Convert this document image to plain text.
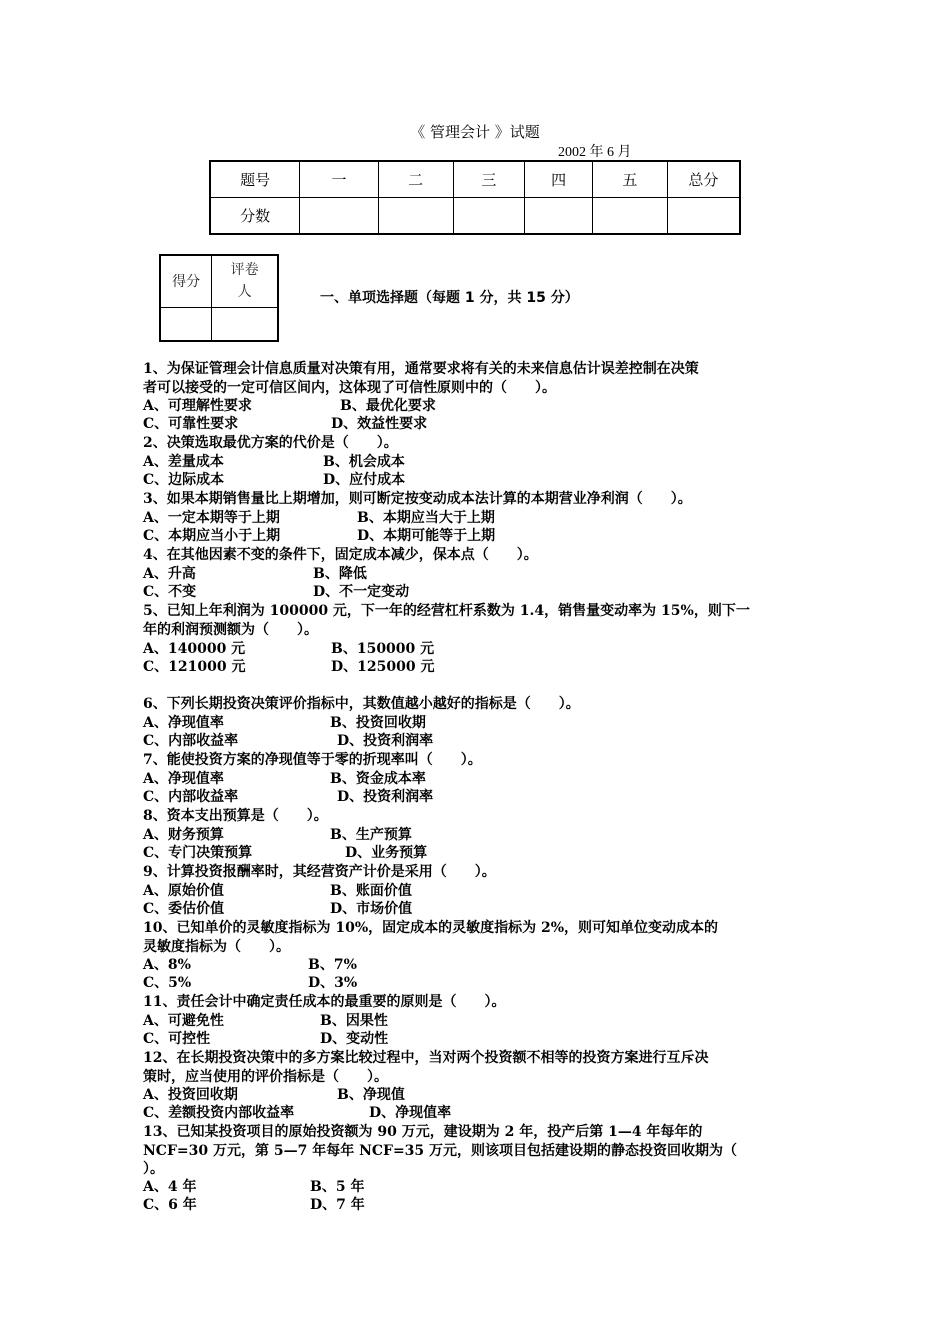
《 管理会计 》试题
2002 年 6 月
题号	一	二	三	四	五	总分
分数						
得分	评卷人
		一、单项选择题（每题 1 分，共 15 分）
1、为保证管理会计信息质量对决策有用，通常要求将有关的未来信息估计误差控制在决策
者可以接受的一定可信区间内，这体现了可信性原则中的（　　）。
A、可理解性要求	B、最优化要求
C、可靠性要求	D、效益性要求
2、决策选取最优方案的代价是（　　）。
A、差量成本	B、机会成本
C、边际成本	D、应付成本
3、如果本期销售量比上期增加，则可断定按变动成本法计算的本期营业净利润（　　）。
A、一定本期等于上期	B、本期应当大于上期
C、本期应当小于上期	D、本期可能等于上期
4、在其他因素不变的条件下，固定成本减少，保本点（　　）。
A、升高	B、降低
C、不变	D、不一定变动
5、已知上年利润为 100000 元，下一年的经营杠杆系数为 1.4，销售量变动率为 15%，则下一
年的利润预测额为（　　）。
A、140000 元	B、150000 元
C、121000 元	D、125000 元
6、下列长期投资决策评价指标中，其数值越小越好的指标是（　　）。
A、净现值率	B、投资回收期
C、内部收益率	D、投资利润率
7、能使投资方案的净现值等于零的折现率叫（　　）。
A、净现值率	B、资金成本率
C、内部收益率	D、投资利润率
8、资本支出预算是（　　）。
A、财务预算	B、生产预算
C、专门决策预算	D、业务预算
9、计算投资报酬率时，其经营资产计价是采用（　　）。
A、原始价值	B、账面价值
C、委估价值	D、市场价值
10、已知单价的灵敏度指标为 10%，固定成本的灵敏度指标为 2%，则可知单位变动成本的
灵敏度指标为（　　）。
A、8%	B、7%
C、5%	D、3%
11、责任会计中确定责任成本的最重要的原则是（　　）。
A、可避免性	B、因果性
C、可控性	D、变动性
12、在长期投资决策中的多方案比较过程中，当对两个投资额不相等的投资方案进行互斥决
策时，应当使用的评价指标是（　　）。
A、投资回收期	B、净现值
C、差额投资内部收益率	D、净现值率
13、已知某投资项目的原始投资额为 90 万元，建设期为 2 年，投产后第 1—4 年每年的
NCF=30 万元，第 5—7 年每年 NCF=35 万元，则该项目包括建设期的静态投资回收期为（
）。
A、4 年	B、5 年
C、6 年	D、7 年
